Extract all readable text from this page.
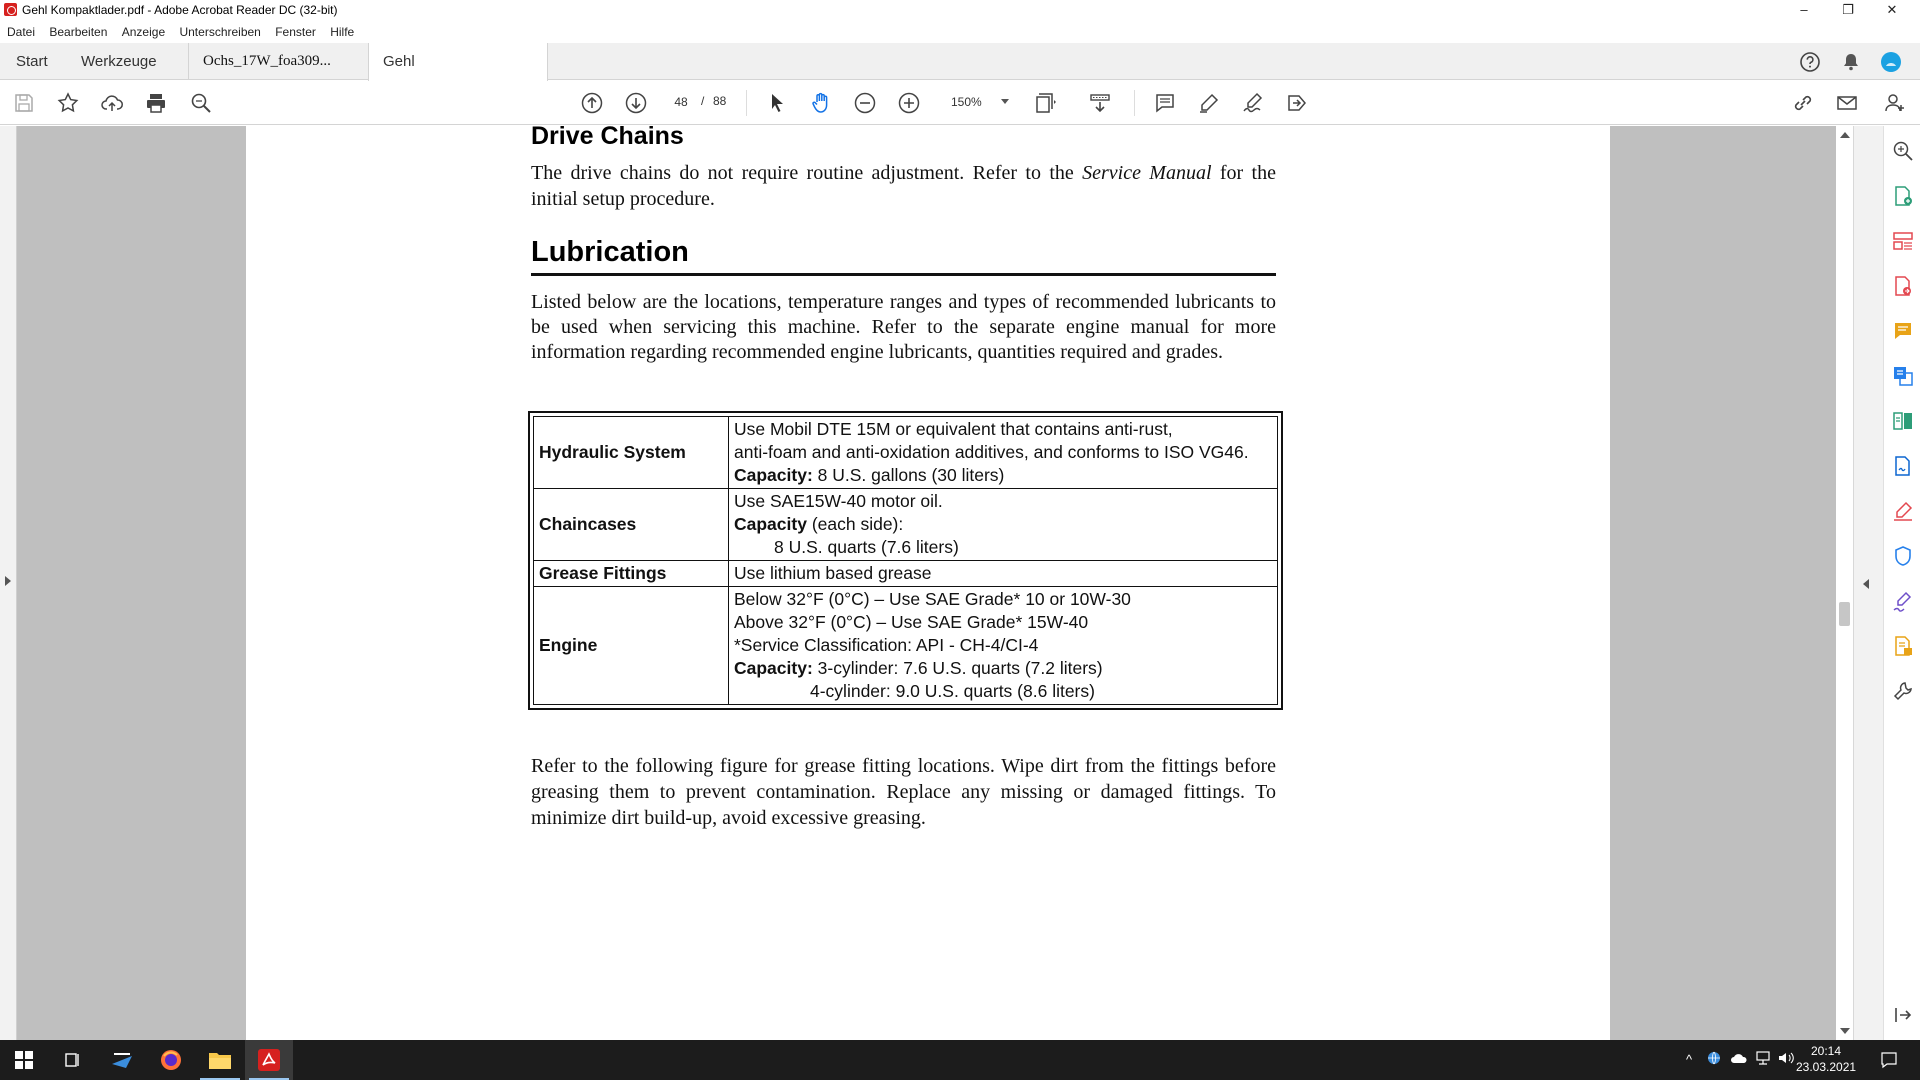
Gehl Kompaktlader.pdf - Adobe Acrobat Reader DC (32-bit)	–	❐	✕
Datei Bearbeiten Anzeige Unterschreiben Fenster Hilfe
Start	Werkzeuge	Ochs_17W_foa309...	Gehl
48
/ 88	150%
Drive Chains
The drive chains do not require routine adjustment. Refer to the Service Manual for the initial setup procedure.
Lubrication
Listed below are the locations, temperature ranges and types of recommended lubricants to be used when servicing this machine. Refer to the separate engine manual for more information regarding recommended engine lubricants, quantities required and grades.
Hydraulic System	Use Mobil DTE 15M or equivalent that contains anti-rust,
anti-foam and anti-oxidation additives, and conforms to ISO VG46.
Capacity: 8 U.S. gallons (30 liters)

Chaincases	Use SAE15W-40 motor oil.
Capacity (each side):
8 U.S. quarts (7.6 liters)

Grease Fittings	Use lithium based grease
Engine	Below 32°F (0°C) – Use SAE Grade* 10 or 10W-30
Above 32°F (0°C) – Use SAE Grade* 15W-40
*Service Classification: API - CH-4/CI-4
Capacity: 3-cylinder: 7.6 U.S. quarts (7.2 liters)
4-cylinder: 9.0 U.S. quarts (8.6 liters)
Refer to the following figure for grease fitting locations. Wipe dirt from the fittings before greasing them to prevent contamination. Replace any missing or damaged fittings. To minimize dirt build-up, avoid excessive greasing.
^
20:14
23.03.2021
